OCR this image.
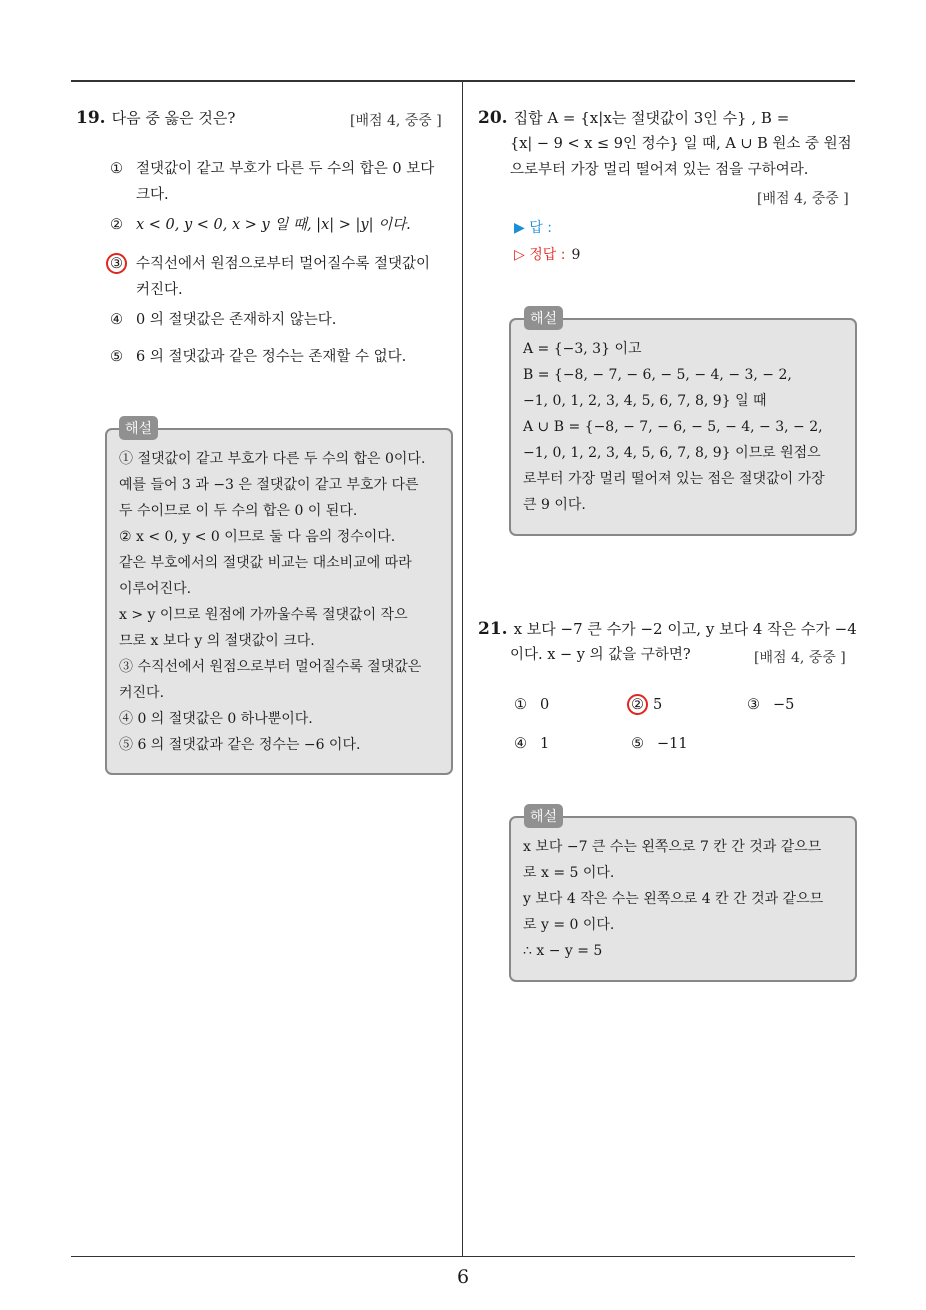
6
19. 다음 중 옳은 것은?	[배점 4, 중중 ]
① 절댓값이 같고 부호가 다른 두 수의 합은 0 보다
크다.
② x < 0, y < 0, x > y 일 때, |x| > |y| 이다.
③ 수직선에서 원점으로부터 멀어질수록 절댓값이
커진다.
④ 0 의 절댓값은 존재하지 않는다.
⑤ 6 의 절댓값과 같은 정수는 존재할 수 없다.
① 절댓값이 같고 부호가 다른 두 수의 합은 0이다.
예를 들어 3 과 −3 은 절댓값이 같고 부호가 다른
두 수이므로 이 두 수의 합은 0 이 된다.
② x < 0, y < 0 이므로 둘 다 음의 정수이다.
같은 부호에서의 절댓값 비교는 대소비교에 따라
이루어진다.
x > y 이므로 원점에 가까울수록 절댓값이 작으
므로 x 보다 y 의 절댓값이 크다.
③ 수직선에서 원점으로부터 멀어질수록 절댓값은
커진다.
④ 0 의 절댓값은 0 하나뿐이다.
⑤ 6 의 절댓값과 같은 정수는 −6 이다.
해설
20. 집합 A = {x|x는 절댓값이 3인 수} , B =
{x| − 9 < x ≤ 9인 정수} 일 때, A ∪ B 원소 중 원점
으로부터 가장 멀리 떨어져 있는 점을 구하여라.
[배점 4, 중중 ]
▶ 답 :
▷ 정답 : 9
A = {−3, 3} 이고
B = {−8, − 7, − 6, − 5, − 4, − 3, − 2,
−1, 0, 1, 2, 3, 4, 5, 6, 7, 8, 9} 일 때
A ∪ B = {−8, − 7, − 6, − 5, − 4, − 3, − 2,
−1, 0, 1, 2, 3, 4, 5, 6, 7, 8, 9} 이므로 원점으
로부터 가장 멀리 떨어져 있는 점은 절댓값이 가장
큰 9 이다.
해설
21. x 보다 −7 큰 수가 −2 이고, y 보다 4 작은 수가 −4
이다. x − y 의 값을 구하면?	[배점 4, 중중 ]
① 0	② 5	③ −5
④ 1	⑤ −11
x 보다 −7 큰 수는 왼쪽으로 7 칸 간 것과 같으므
로 x = 5 이다.
y 보다 4 작은 수는 왼쪽으로 4 칸 간 것과 같으므
로 y = 0 이다.
∴ x − y = 5
해설
